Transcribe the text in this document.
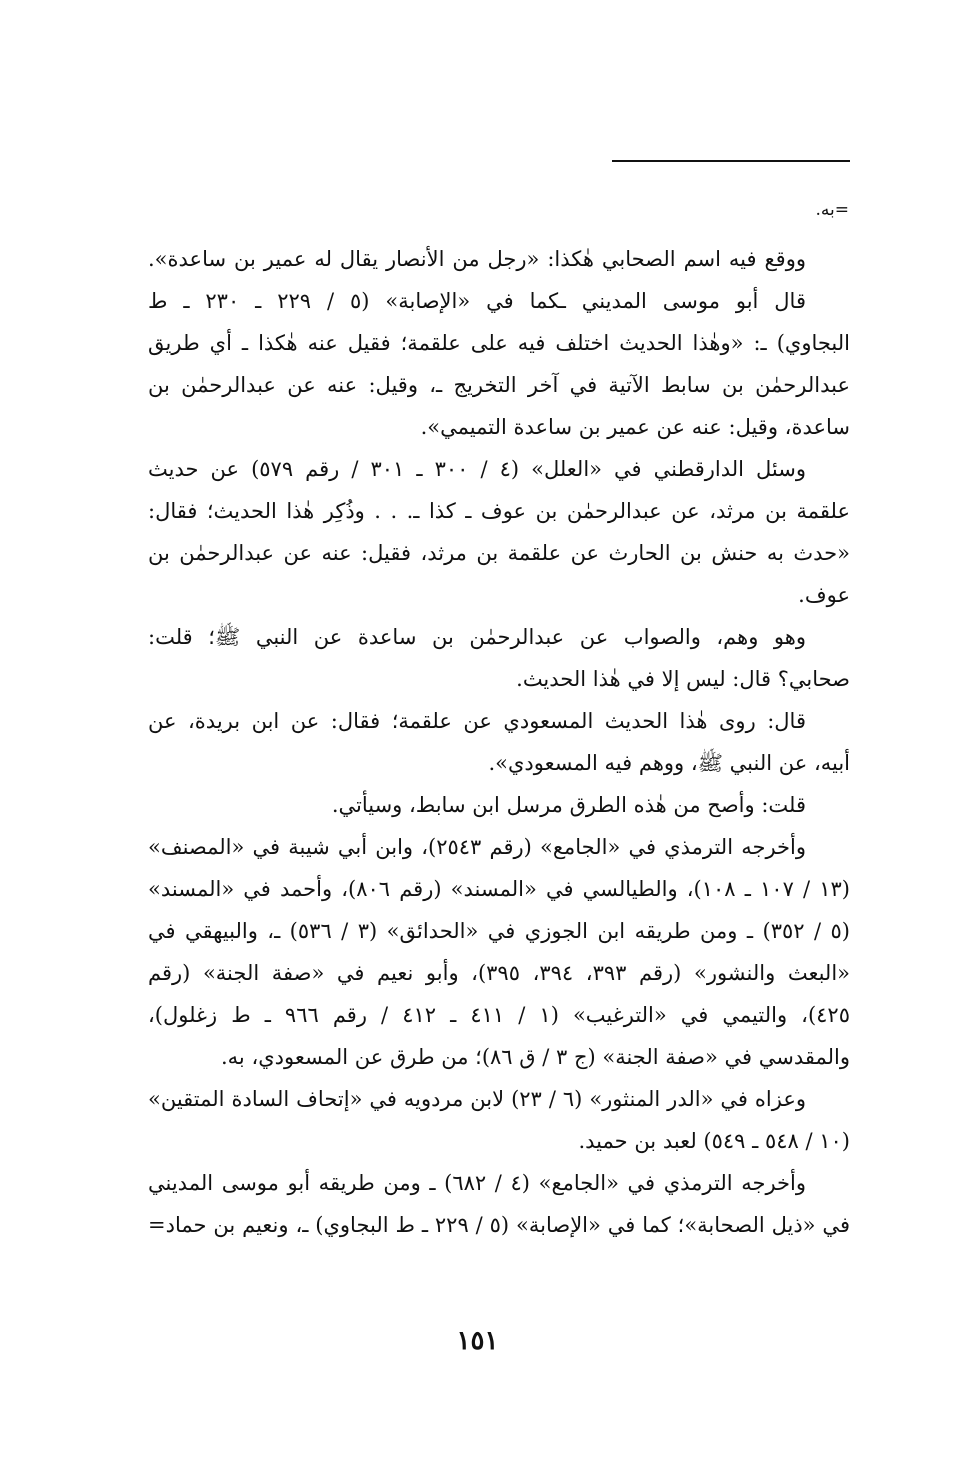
=به.
ووقع فيه اسم الصحابي هٰكذا: «رجل من الأنصار يقال له عمير بن ساعدة».
قال أبو موسى المديني ـكما في «الإصابة» (٥ / ٢٢٩ ـ ٢٣٠ ـ ط
البجاوي) ـ: «وهٰذا الحديث اختلف فيه على علقمة؛ فقيل عنه هٰكذا ـ أي طريق
عبدالرحمٰن بن سابط الآتية في آخر التخريج ـ، وقيل: عنه عن عبدالرحمٰن بن
ساعدة، وقيل: عنه عن عمير بن ساعدة التميمي».
وسئل الدارقطني في «العلل» (٤ / ٣٠٠ ـ ٣٠١ / رقم ٥٧٩) عن حديث
علقمة بن مرثد، عن عبدالرحمٰن بن عوف ـ كذا ـ. . . وذُكِر هٰذا الحديث؛ فقال:
«حدث به حنش بن الحارث عن علقمة بن مرثد، فقيل: عنه عن عبدالرحمٰن بن
عوف.
وهو وهم، والصواب عن عبدالرحمٰن بن ساعدة عن النبي ﷺ؛ قلت:
صحابي؟ قال: ليس إلا في هٰذا الحديث.
قال: روى هٰذا الحديث المسعودي عن علقمة؛ فقال: عن ابن بريدة، عن
أبيه، عن النبي ﷺ، ووهم فيه المسعودي».
قلت: وأصح من هٰذه الطرق مرسل ابن سابط، وسيأتي.
وأخرجه الترمذي في «الجامع» (رقم ٢٥٤٣)، وابن أبي شيبة في «المصنف»
(١٣ / ١٠٧ ـ ١٠٨)، والطيالسي في «المسند» (رقم ٨٠٦)، وأحمد في «المسند»
(٥ / ٣٥٢) ـ ومن طريقه ابن الجوزي في «الحدائق» (٣ / ٥٣٦) ـ، والبيهقي في
«البعث والنشور» (رقم ٣٩٣، ٣٩٤، ٣٩٥)، وأبو نعيم في «صفة الجنة» (رقم
٤٢٥)، والتيمي في «الترغيب» (١ / ٤١١ ـ ٤١٢ / رقم ٩٦٦ ـ ط زغلول)،
والمقدسي في «صفة الجنة» (ج ٣ / ق ٨٦)؛ من طرق عن المسعودي، به.
وعزاه في «الدر المنثور» (٦ / ٢٣) لابن مردويه في «إتحاف السادة المتقين»
(١٠ / ٥٤٨ ـ ٥٤٩) لعبد بن حميد.
وأخرجه الترمذي في «الجامع» (٤ / ٦٨٢) ـ ومن طريقه أبو موسى المديني
في «ذيل الصحابة»؛ كما في «الإصابة» (٥ / ٢٢٩ ـ ط البجاوي) ـ، ونعيم بن حماد=
١٥١
